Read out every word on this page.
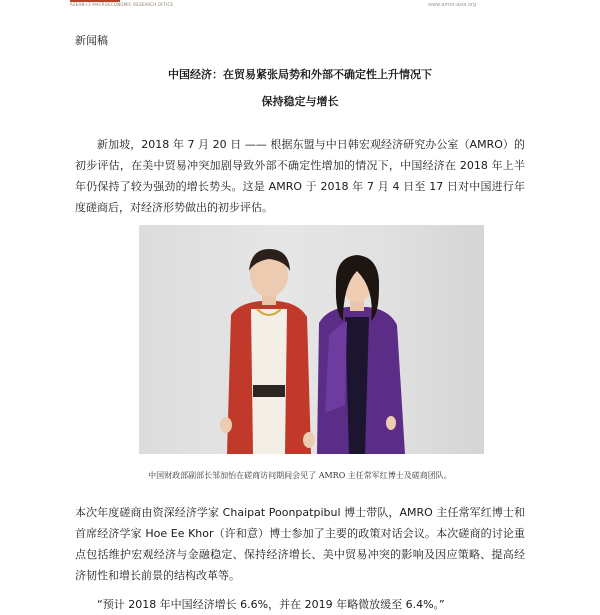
ASEAN+3 MACROECONOMIC RESEARCH OFFICE	www.amro-asia.org
新闻稿
中国经济：在贸易紧张局势和外部不确定性上升情况下
保持稳定与增长

新加坡，2018 年 7 月 20 日 —— 根据东盟与中日韩宏观经济研究办公室（AMRO）的初步评估，在美中贸易冲突加剧导致外部不确定性增加的情况下，中国经济在 2018 年上半年仍保持了较为强劲的增长势头。这是 AMRO 于 2018 年 7 月 4 日至 17 日对中国进行年度磋商后，对经济形势做出的初步评估。

中国财政部副部长邹加怡在磋商访问期间会见了 AMRO 主任常军红博士及磋商团队。

本次年度磋商由资深经济学家 Chaipat Poonpatpibul 博士带队，AMRO 主任常军红博士和首席经济学家 Hoe Ee Khor（许和意）博士参加了主要的政策对话会议。本次磋商的讨论重点包括维护宏观经济与金融稳定、保持经济增长、美中贸易冲突的影响及因应策略、提高经济韧性和增长前景的结构改革等。

“预计 2018 年中国经济增长 6.6%，并在 2019 年略微放缓至 6.4%。”
